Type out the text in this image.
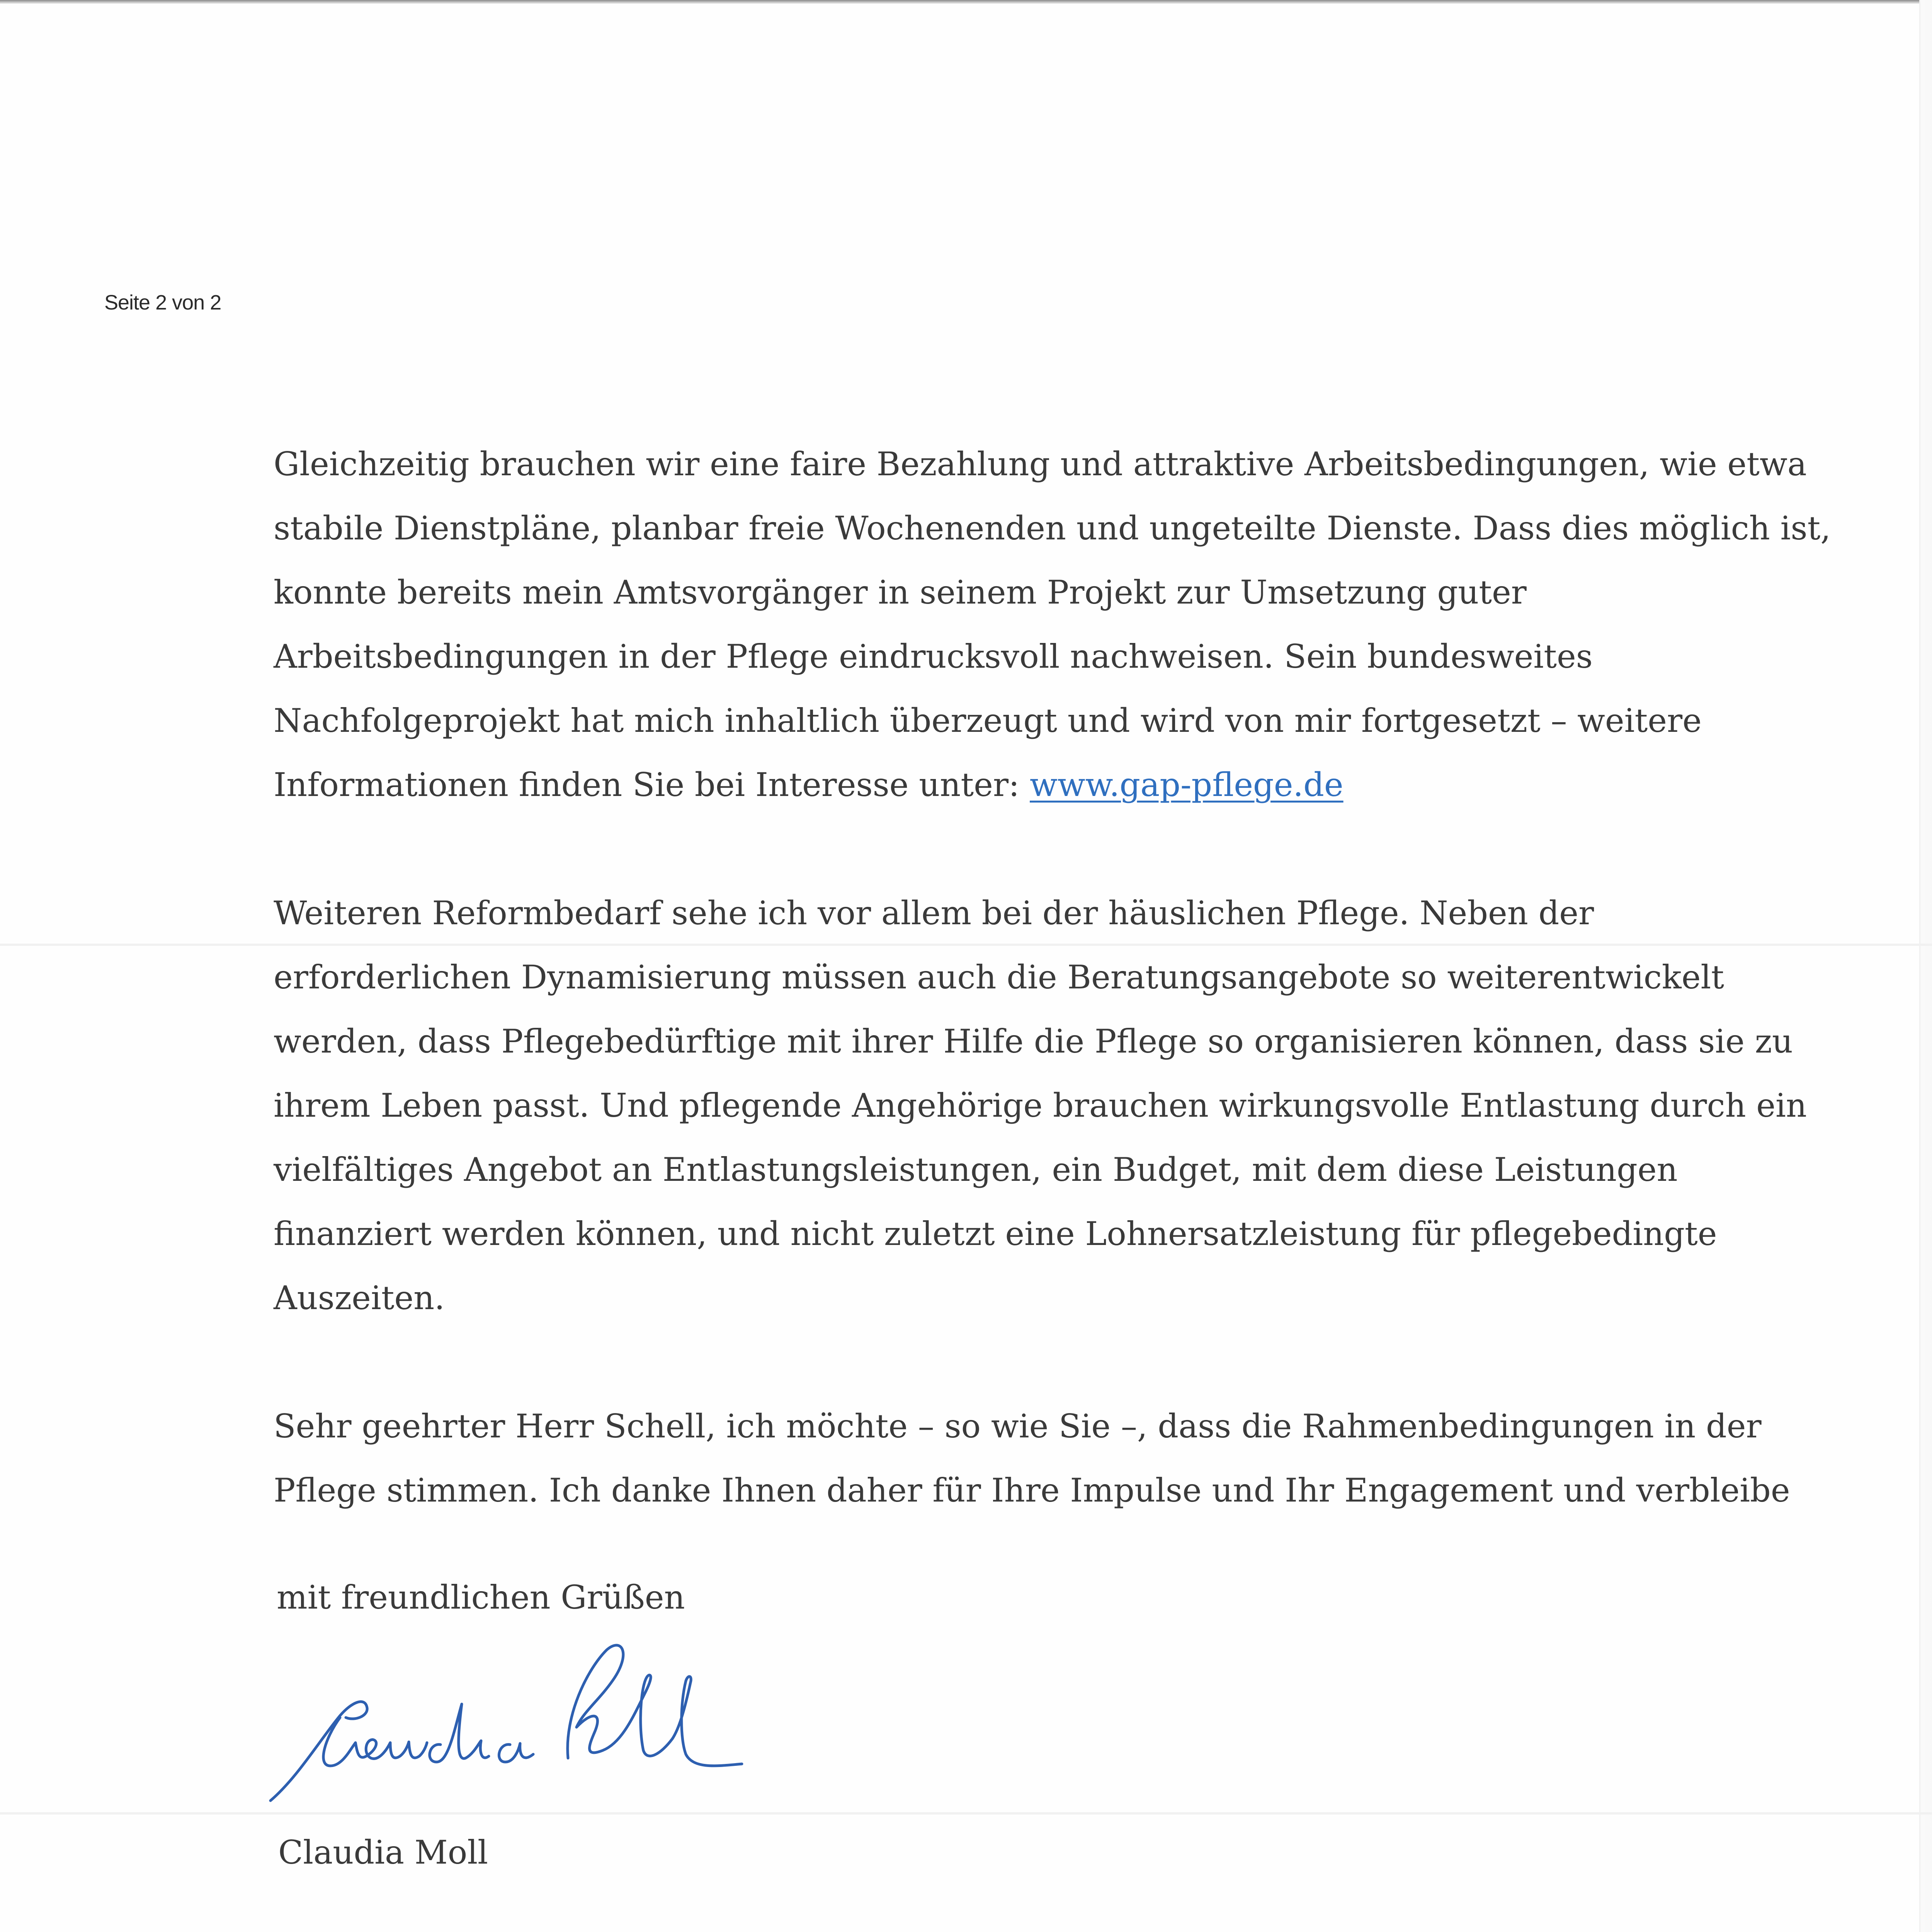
Seite 2 von 2

Gleichzeitig brauchen wir eine faire Bezahlung und attraktive Arbeitsbedingungen, wie etwa
stabile Dienstpläne, planbar freie Wochenenden und ungeteilte Dienste. Dass dies möglich ist,
konnte bereits mein Amtsvorgänger in seinem Projekt zur Umsetzung guter
Arbeitsbedingungen in der Pflege eindrucksvoll nachweisen. Sein bundesweites
Nachfolgeprojekt hat mich inhaltlich überzeugt und wird von mir fortgesetzt – weitere
Informationen finden Sie bei Interesse unter: www.gap-pflege.de

Weiteren Reformbedarf sehe ich vor allem bei der häuslichen Pflege. Neben der
erforderlichen Dynamisierung müssen auch die Beratungsangebote so weiterentwickelt
werden, dass Pflegebedürftige mit ihrer Hilfe die Pflege so organisieren können, dass sie zu
ihrem Leben passt. Und pflegende Angehörige brauchen wirkungsvolle Entlastung durch ein
vielfältiges Angebot an Entlastungsleistungen, ein Budget, mit dem diese Leistungen
finanziert werden können, und nicht zuletzt eine Lohnersatzleistung für pflegebedingte
Auszeiten.

Sehr geehrter Herr Schell, ich möchte – so wie Sie –, dass die Rahmenbedingungen in der
Pflege stimmen. Ich danke Ihnen daher für Ihre Impulse und Ihr Engagement und verbleibe

mit freundlichen Grüßen
Claudia Moll
